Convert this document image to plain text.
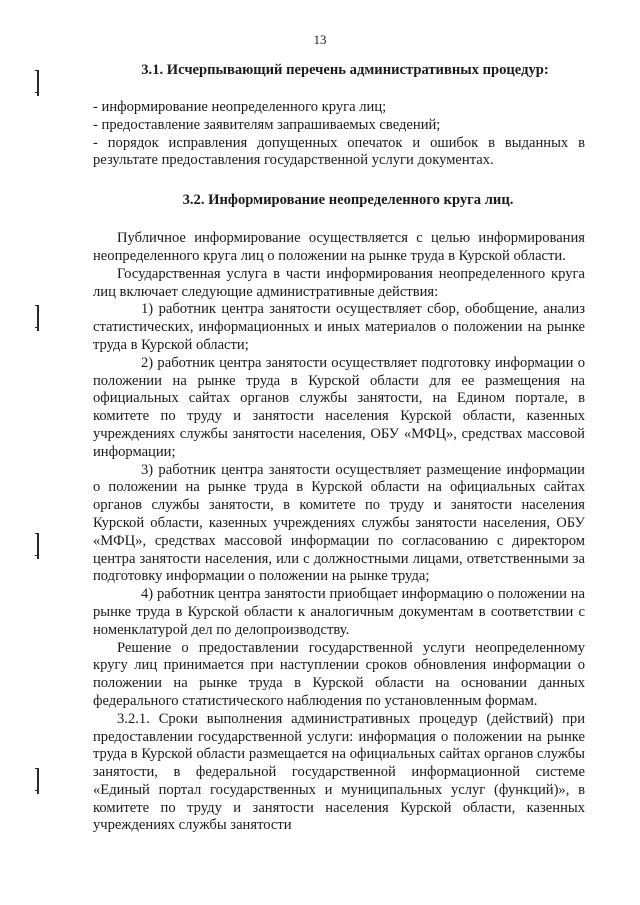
13
3.1. Исчерпывающий перечень административных процедур:

- информирование неопределенного круга лиц;

- предоставление заявителям запрашиваемых сведений;

- порядок исправления допущенных опечаток и ошибок в выданных в результате предоставления государственной услуги документах.

3.2. Информирование неопределенного круга лиц.

Публичное информирование осуществляется с целью информирования неопределенного круга лиц о положении на рынке труда в Курской области.

Государственная услуга в части информирования неопределенного круга лиц включает следующие административные действия:

1) работник центра занятости осуществляет сбор, обобщение, анализ статистических, информационных и иных материалов о положении на рынке труда в Курской области;

2) работник центра занятости осуществляет подготовку информации о положении на рынке труда в Курской области для ее размещения на официальных сайтах органов службы занятости, на Едином портале, в комитете по труду и занятости населения Курской области, казенных учреждениях службы занятости населения, ОБУ «МФЦ», средствах массовой информации;

3) работник центра занятости осуществляет размещение информации о положении на рынке труда в Курской области на официальных сайтах органов службы занятости, в комитете по труду и занятости населения Курской области, казенных учреждениях службы занятости населения, ОБУ «МФЦ», средствах массовой информации по согласованию с директором центра занятости населения, или с должностными лицами, ответственными за подготовку информации о положении на рынке труда;

4) работник центра занятости приобщает информацию о положении на рынке труда в Курской области к аналогичным документам в соответствии с номенклатурой дел по делопроизводству.

Решение о предоставлении государственной услуги неопределенному кругу лиц принимается при наступлении сроков обновления информации о положении на рынке труда в Курской области на основании данных федерального статистического наблюдения по установленным формам.

3.2.1. Сроки выполнения административных процедур (действий) при предоставлении государственной услуги: информация о положении на рынке труда в Курской области размещается на официальных сайтах органов службы занятости, в федеральной государственной информационной системе «Единый портал государственных и муниципальных услуг (функций)», в комитете по труду и занятости населения Курской области, казенных учреждениях службы занятости
